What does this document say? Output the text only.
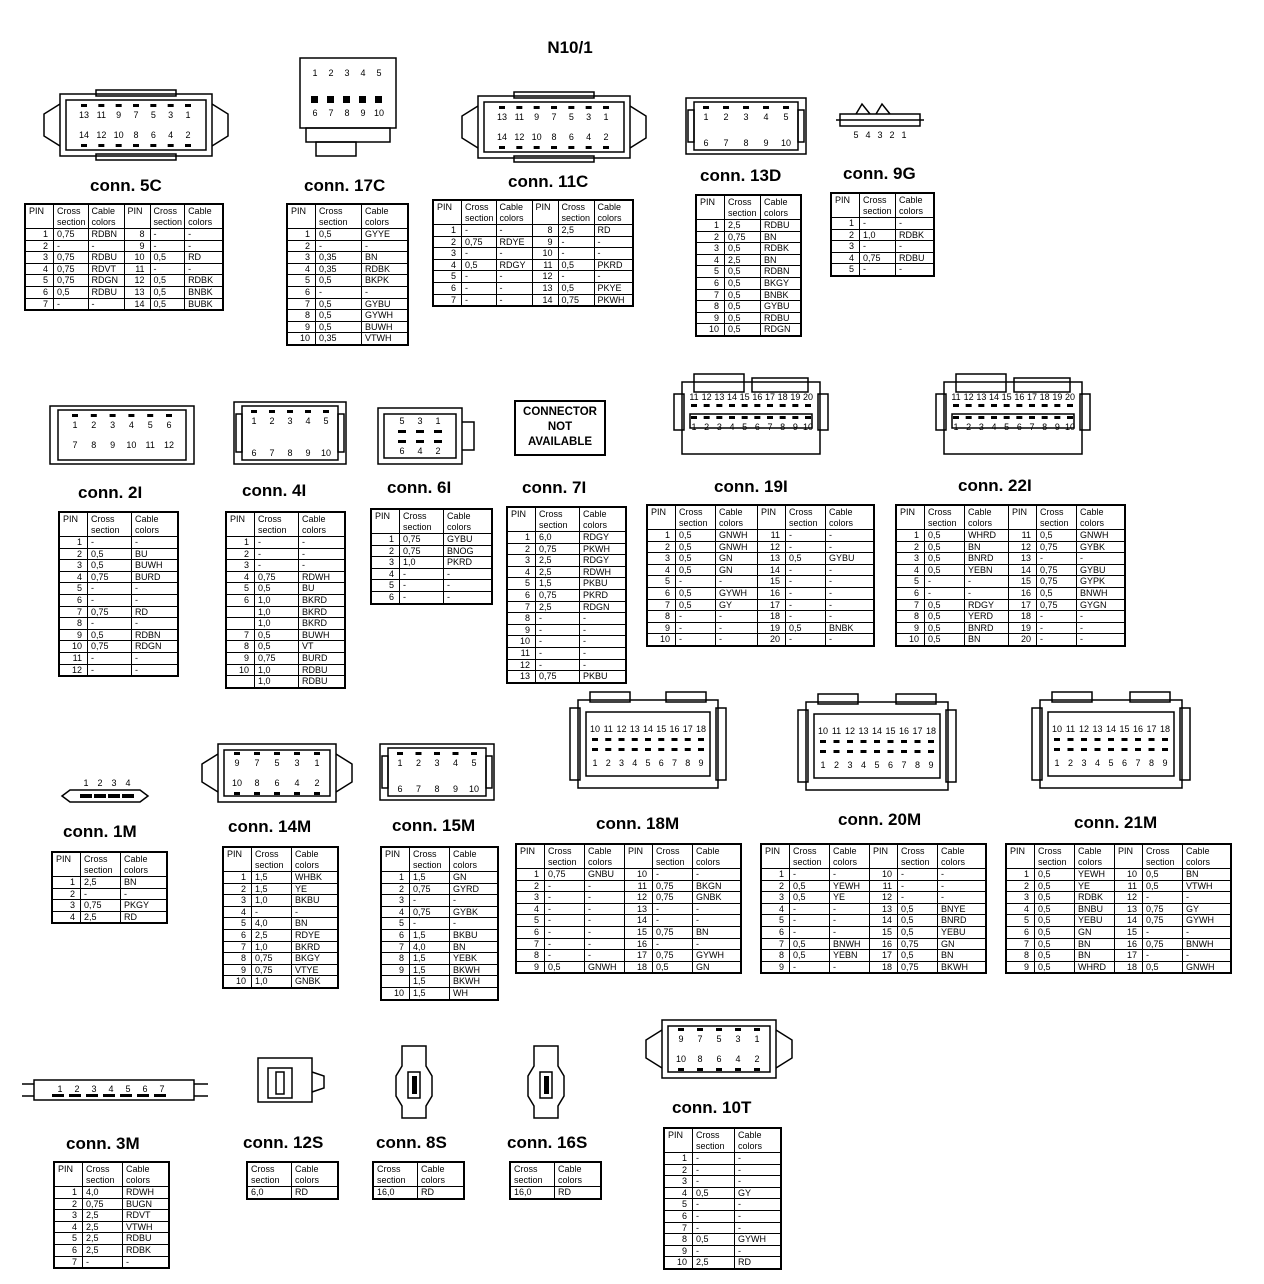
N10/1
CONNECTOR
NOT
AVAILABLE
13 11 9 7 5 3 1
14 12 10 8 6 4 2
1 2 3 4 5
6 7 8 9 10	13 11 9 7 5 3 1
14 12 10 8 6 4 2
1 2 3 4 5
6 7 8 9 10
5 4 3 2 1
1 2 3 4 5 6
7 8 9 10 11 12
1 2 3 4 5
6 7 8 9 10
5 3 1
6 4 2
11 12 13 14 15 16 17 18 19 20
1 2 3 4 5 6 7 8 9 10
11 12 13 14 15 16 17 18 19 20
1 2 3 4 5 6 7 8 9 10
1 2 3 4
9 7 5 3 1
10 8 6 4 2
1 2 3 4 5
6 7 8 9 10
10 11 12 13 14 15 16 17 18
1 2 3 4 5 6 7 8 9
10 11 12 13 14 15 16 17 18
1 2 3 4 5 6 7 8 9
10 11 12 13 14 15 16 17 18
1 2 3 4 5 6 7 8 9
1 2 3 4 5 6 7
9 7 5 3 1
10 8 6 4 2
conn. 5C	conn. 17C	conn. 11C	conn. 13D	conn. 9G
conn. 2I	conn. 4I	conn. 6I	conn. 7I	conn. 19I	conn. 22I
conn. 1M	conn. 14M	conn. 15M	conn. 18M	conn. 20M	conn. 21M
conn. 3M	conn. 12S	conn. 8S	conn. 16S
conn. 10T
PIN	Cross
section	Cable
colors	PIN	Cross
section	Cable
colors
1	0,75	RDBN	8	-	-
2	-	-	9	-	-
3	0,75	RDBU	10	0,5	RD
4	0,75	RDVT	11	-	-
5	0,75	RDGN	12	0,5	RDBK
6	0,5	RDBU	13	0,5	BNBK
7	-	-	14	0,5	BUBK
PIN	Cross
section	Cable
colors
1	0,5	GYYE
2	-	-
3	0,35	BN
4	0,35	RDBK
5	0,5	BKPK
6	-	-
7	0,5	GYBU
8	0,5	GYWH
9	0,5	BUWH
10	0,35	VTWH
PIN	Cross
section	Cable
colors	PIN	Cross
section	Cable
colors
1	-	-	8	2,5	RD
2	0,75	RDYE	9	-	-
3	-	-	10	-	-
4	0,5	RDGY	11	0,5	PKRD
5	-	-	12	-	-
6	-	-	13	0,5	PKYE
7	-	-	14	0,75	PKWH
PIN	Cross
section	Cable
colors
1	2,5	RDBU
2	0,75	BN
3	0,5	RDBK
4	2,5	BN
5	0,5	RDBN
6	0,5	BKGY
7	0,5	BNBK
8	0,5	GYBU
9	0,5	RDBU
10	0,5	RDGN
PIN	Cross
section	Cable
colors
1	-	-
2	1,0	RDBK
3	-	-
4	0,75	RDBU
5	-	-
PIN	Cross
section	Cable
colors
1	-	-
2	0,5	BU
3	0,5	BUWH
4	0,75	BURD
5	-	-
6	-	-
7	0,75	RD
8	-	-
9	0,5	RDBN
10	0,75	RDGN
11	-	-
12	-	-
PIN	Cross
section	Cable
colors
1	-	-
2	-	-
3	-	-
4	0,75	RDWH
5	0,5	BU
6	1,0	BKRD
	1,0	BKRD
	1,0	BKRD
7	0,5	BUWH
8	0,5	VT
9	0,75	BURD
10	1,0	RDBU
	1,0	RDBU
PIN	Cross
section	Cable
colors
1	0,75	GYBU
2	0,75	BNOG
3	1,0	PKRD
4	-	-
5	-	-
6	-	-
PIN	Cross
section	Cable
colors
1	6,0	RDGY
2	0,75	PKWH
3	2,5	RDGY
4	2,5	RDWH
5	1,5	PKBU
6	0,75	PKRD
7	2,5	RDGN
8	-	-
9	-	-
10	-	-
11	-	-
12	-	-
13	0,75	PKBU
PIN	Cross
section	Cable
colors	PIN	Cross
section	Cable
colors
1	0,5	GNWH	11	-	-
2	0,5	GNWH	12	-	-
3	0,5	GN	13	0,5	GYBU
4	0,5	GN	14	-	-
5	-	-	15	-	-
6	0,5	GYWH	16	-	-
7	0,5	GY	17	-	-
8	-	-	18	-	-
9	-	-	19	0,5	BNBK
10	-	-	20	-	-
PIN	Cross
section	Cable
colors	PIN	Cross
section	Cable
colors
1	0,5	WHRD	11	0,5	GNWH
2	0,5	BN	12	0,75	GYBK
3	0,5	BNRD	13	-	-
4	0,5	YEBN	14	0,75	GYBU
5	-	-	15	0,75	GYPK
6	-	-	16	0,5	BNWH
7	0,5	RDGY	17	0,75	GYGN
8	0,5	YERD	18	-	-
9	0,5	BNRD	19	-	-
10	0,5	BN	20	-	-
PIN	Cross
section	Cable
colors
1	2,5	BN
2	-	-
3	0,75	PKGY
4	2,5	RD
PIN	Cross
section	Cable
colors
1	1,5	WHBK
2	1,5	YE
3	1,0	BKBU
4	-	-
5	4,0	BN
6	2,5	RDYE
7	1,0	BKRD
8	0,75	BKGY
9	0,75	VTYE
10	1,0	GNBK
PIN	Cross
section	Cable
colors
1	1,5	GN
2	0,75	GYRD
3	-	-
4	0,75	GYBK
5	-	-
6	1,5	BKBU
7	4,0	BN
8	1,5	YEBK
9	1,5	BKWH
	1,5	BKWH
10	1,5	WH
PIN	Cross
section	Cable
colors	PIN	Cross
section	Cable
colors
1	0,75	GNBU	10	-	-
2	-	-	11	0,75	BKGN
3	-	-	12	0,75	GNBK
4	-	-	13	-	-
5	-	-	14	-	-
6	-	-	15	0,75	BN
7	-	-	16	-	-
8	-	-	17	0,75	GYWH
9	0,5	GNWH	18	0,5	GN
PIN	Cross
section	Cable
colors	PIN	Cross
section	Cable
colors
1	-	-	10	-	-
2	0,5	YEWH	11	-	-
3	0,5	YE	12	-	-
4	-	-	13	0,5	BNYE
5	-	-	14	0,5	BNRD
6	-	-	15	0,5	YEBU
7	0,5	BNWH	16	0,75	GN
8	0,5	YEBN	17	0,5	BN
9	-	-	18	0,75	BKWH
PIN	Cross
section	Cable
colors	PIN	Cross
section	Cable
colors
1	0,5	YEWH	10	0,5	BN
2	0,5	YE	11	0,5	VTWH
3	0,5	RDBK	12	-	-
4	0,5	BNBU	13	0,75	GY
5	0,5	YEBU	14	0,75	GYWH
6	0,5	GN	15	-	-
7	0,5	BN	16	0,75	BNWH
8	0,5	BN	17	-	-
9	0,5	WHRD	18	0,5	GNWH
PIN	Cross
section	Cable
colors
1	4,0	RDWH
2	0,75	BUGN
3	2,5	RDVT
4	2,5	VTWH
5	2,5	RDBU
6	2,5	RDBK
7	-	-
Cross
section	Cable
colors
6,0	RD
Cross
section	Cable
colors
16,0	RD
Cross
section	Cable
colors
16,0	RD
PIN	Cross
section	Cable
colors
1	-	-
2	-	-
3	-	-
4	0,5	GY
5	-	-
6	-	-
7	-	-
8	0,5	GYWH
9	-	-
10	2,5	RD
